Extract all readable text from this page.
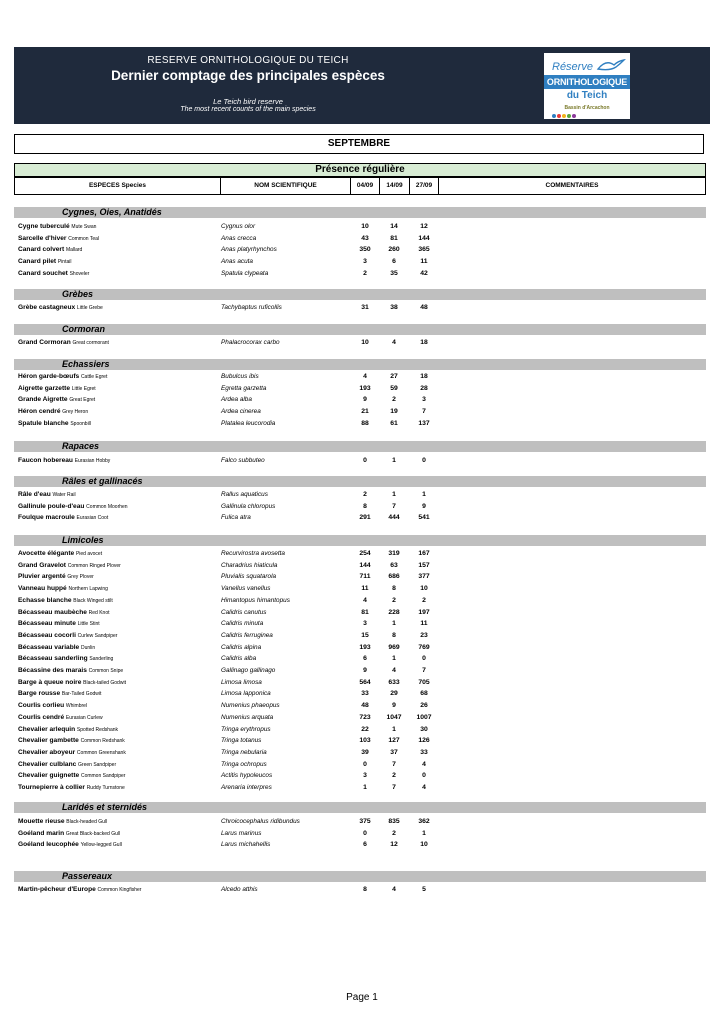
RESERVE ORNITHOLOGIQUE DU TEICH
Dernier comptage des principales espèces
Le Teich bird reserve
The most recent counts of the main species
Réserve
ORNITHOLOGIQUE
du Teich
Bassin d'Arcachon
SEPTEMBRE
Présence régulière
ESPECES Species	NOM SCIENTIFIQUE	04/09	14/09	27/09	COMMENTAIRES
Cygnes, Oies, Anatidés
Cygne tuberculé Mute Swan	Cygnus olor	10	14	12
Sarcelle d'hiver Common Teal	Anas crecca	43	81	144
Canard colvert Mallard	Anas platyrhynchos	350	260	365
Canard pilet Pintail	Anas acuta	3	6	11
Canard souchet Shoveler	Spatula clypeata	2	35	42
Grèbes
Grèbe castagneux Little Grebe	Tachybaptus ruficollis	31	38	48
Cormoran
Grand Cormoran Great cormorant	Phalacrocorax carbo	10	4	18
Echassiers
Héron garde-bœufs Cattle Egret	Bubulcus ibis	4	27	18
Aigrette garzette Little Egret	Egretta garzetta	193	59	28
Grande Aigrette Great Egret	Ardea alba	9	2	3
Héron cendré Grey Heron	Ardea cinerea	21	19	7
Spatule blanche Spoonbill	Platalea leucorodia	88	61	137
Rapaces
Faucon hobereau Eurasian Hobby	Falco subbuteo	0	1	0
Râles et gallinacés
Râle d'eau Water Rail	Rallus aquaticus	2	1	1
Gallinule poule-d'eau Common Moorhen	Gallinula chloropus	8	7	9
Foulque macroule Eurasian Coot	Fulica atra	291	444	541
Limicoles
Avocette élégante Pied avocet	Recurvirostra avosetta	254	319	167
Grand Gravelot Common Ringed Plover	Charadrius hiaticula	144	63	157
Pluvier argenté Grey Plover	Pluvialis squatarola	711	686	377
Vanneau huppé Northern Lapwing	Vanellus vanellus	11	8	10
Echasse blanche Black Winged stilt	Himantopus himantopus	4	2	2
Bécasseau maubèche Red Knot	Calidris canutus	81	228	197
Bécasseau minute Little Stint	Calidris minuta	3	1	11
Bécasseau cocorli Curlew Sandpiper	Calidris ferruginea	15	8	23
Bécasseau variable Dunlin	Calidris alpina	193	969	769
Bécasseau sanderling Sanderling	Calidris alba	6	1	0
Bécassine des marais Common Snipe	Gallinago gallinago	9	4	7
Barge à queue noire Black-tailed Godwit	Limosa limosa	564	633	705
Barge rousse Bar-Tailed Godwit	Limosa lapponica	33	29	68
Courlis corlieu Whimbrel	Numenius phaeopus	48	9	26
Courlis cendré Eurasian Curlew	Numenius arquata	723	1047	1007
Chevalier arlequin Spotted Redshank	Tringa erythropus	22	1	30
Chevalier gambette Common Redshank	Tringa totanus	103	127	126
Chevalier aboyeur Common Greenshank	Tringa nebularia	39	37	33
Chevalier culblanc Green Sandpiper	Tringa ochropus	0	7	4
Chevalier guignette Common Sandpiper	Actitis hypoleucos	3	2	0
Tournepierre à collier Ruddy Turnstone	Arenaria interpres	1	7	4
Laridés et sternidés
Mouette rieuse Black-headed Gull	Chroicocephalus ridibundus	375	835	362
Goéland marin Great Black-backed Gull	Larus marinus	0	2	1
Goéland leucophée Yellow-legged Gull	Larus michahellis	6	12	10
Passereaux
Martin-pêcheur d'Europe Common Kingfisher	Alcedo atthis	8	4	5
Page 1
